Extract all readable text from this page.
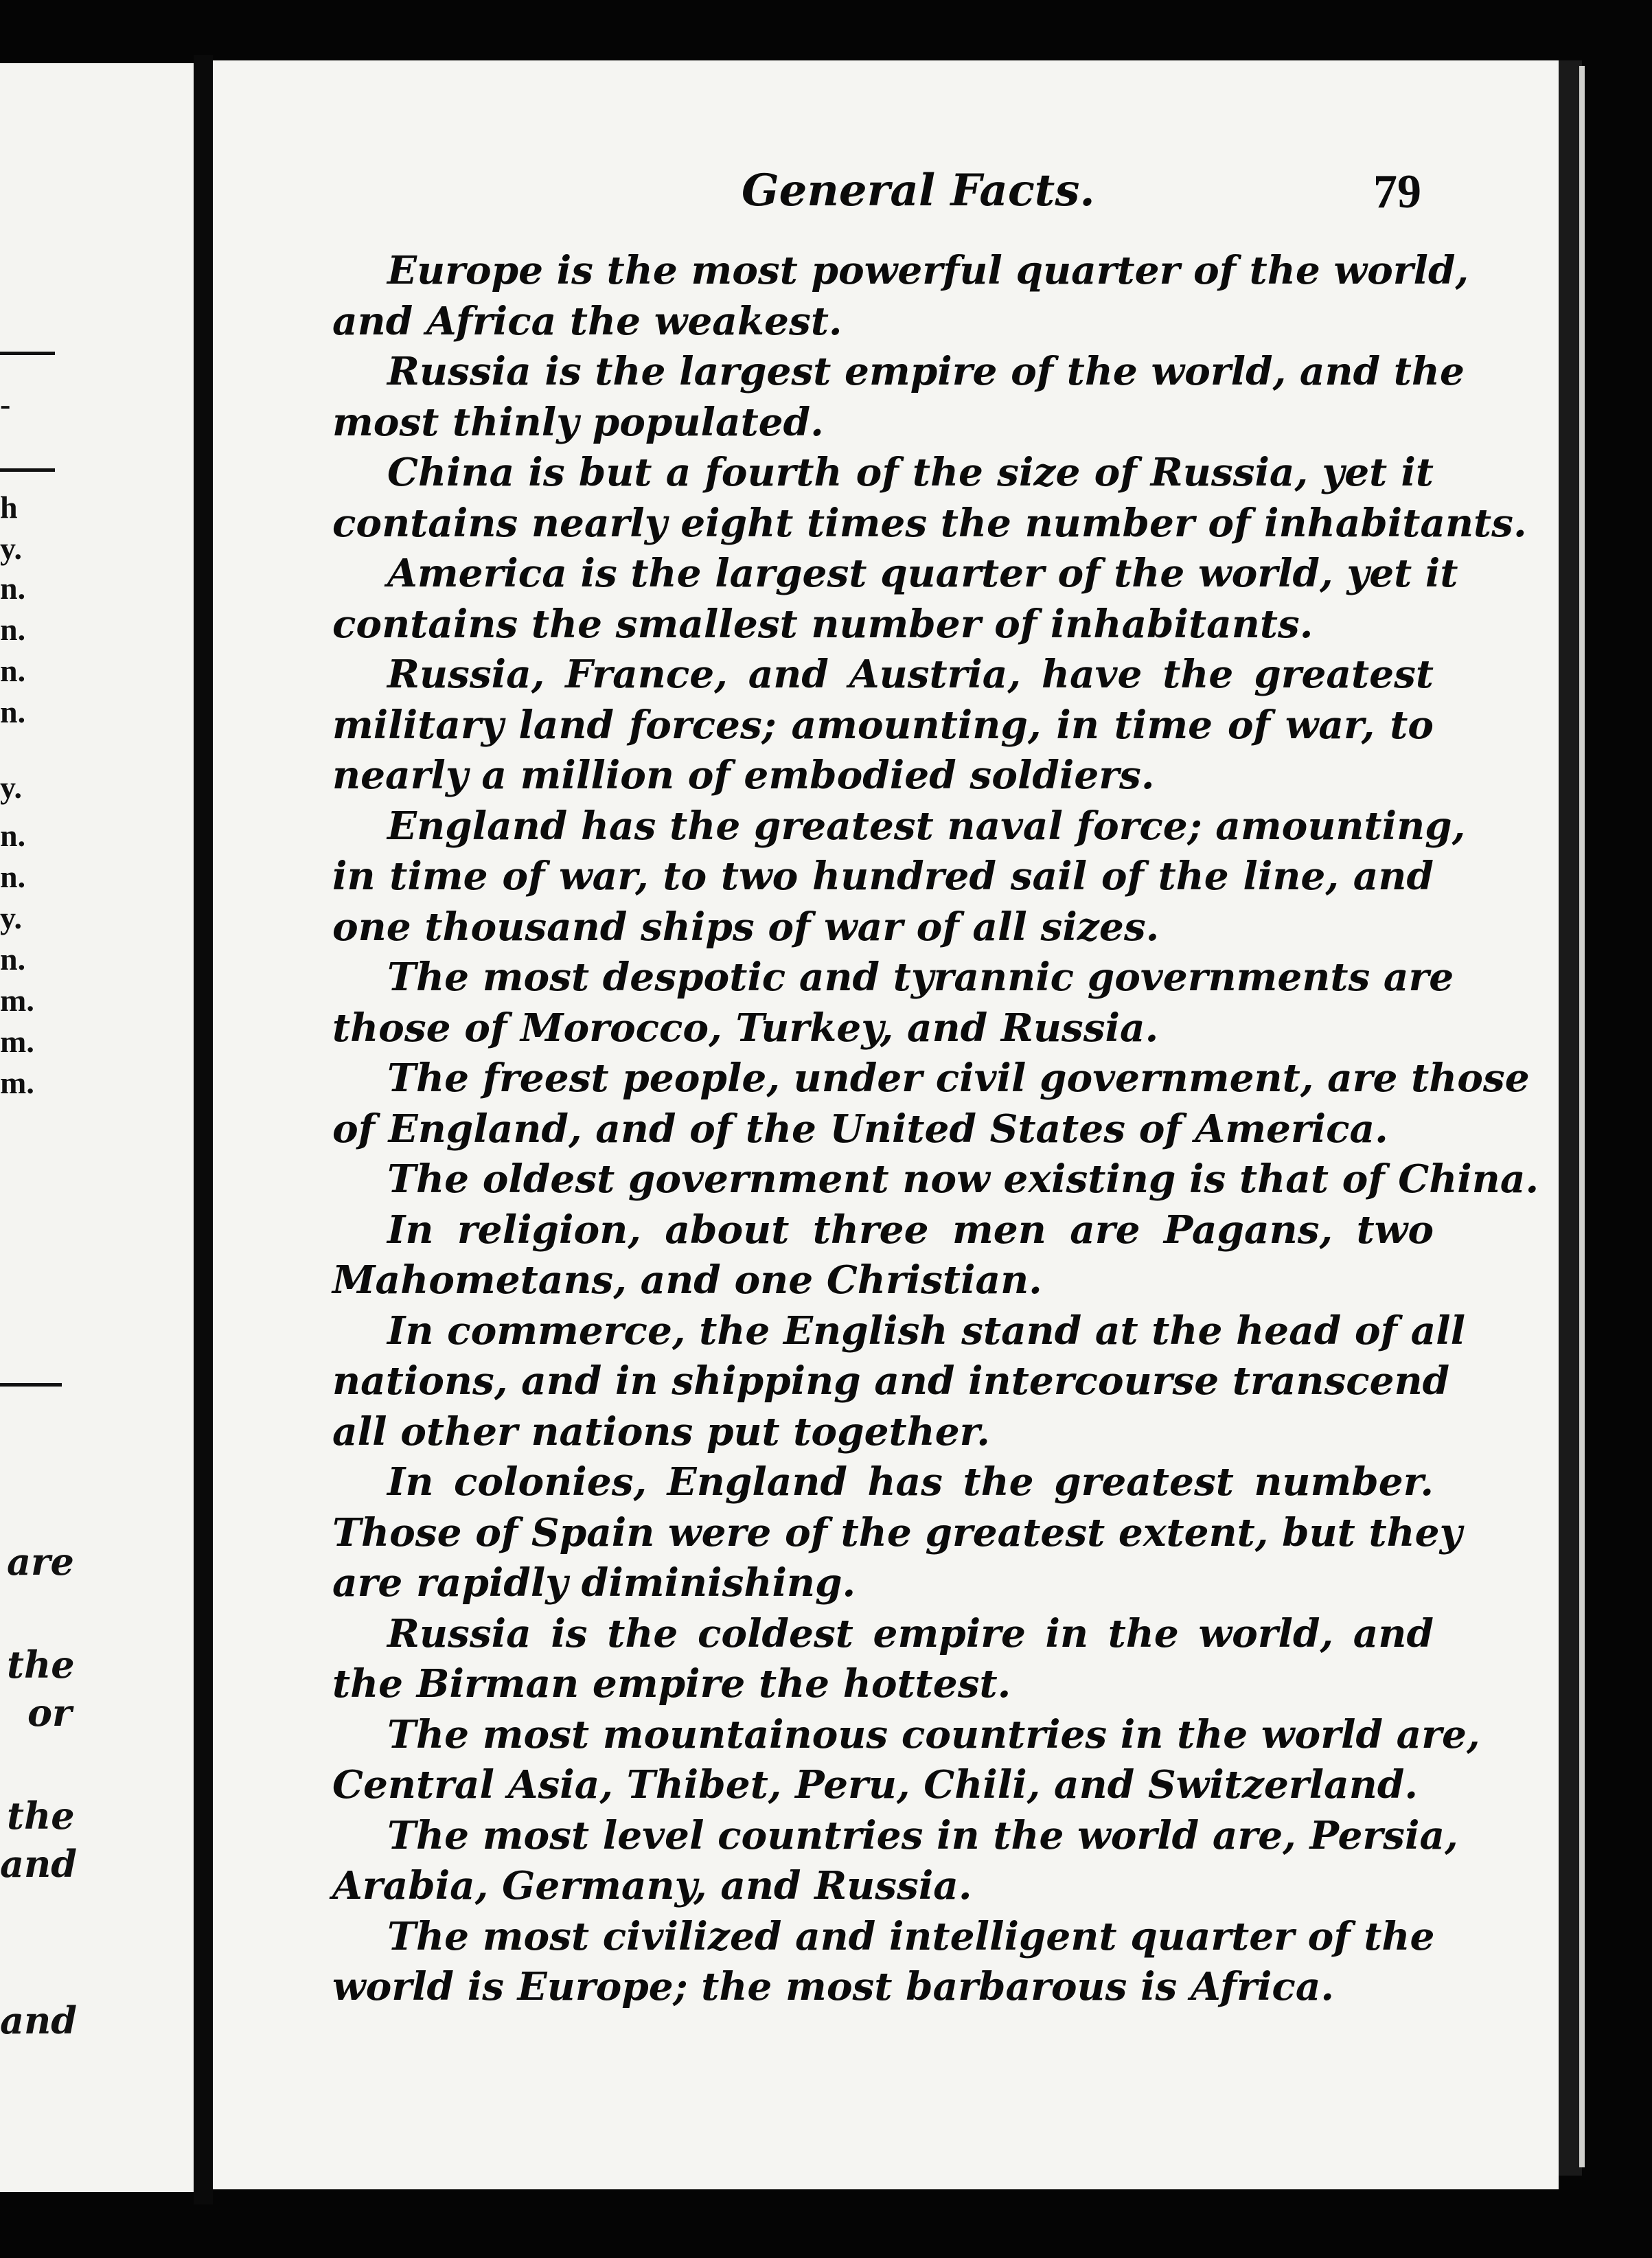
-
h
y.
n.
n.
n.
n.
y.
n.
n.
y.
n.
m.
m.
m.
are
the
or
the
and
and
General Facts.	79
Europe is the most powerful quarter of the world,
and Africa the weakest.
Russia is the largest empire of the world, and the
most thinly populated.
China is but a fourth of the size of Russia, yet it
contains nearly eight times the number of inhabitants.
America is the largest quarter of the world, yet it
contains the smallest number of inhabitants.
Russia, France, and Austria, have the greatest
military land forces; amounting, in time of war, to
nearly a million of embodied soldiers.
England has the greatest naval force; amounting,
in time of war, to two hundred sail of the line, and
one thousand ships of war of all sizes.
The most despotic and tyrannic governments are
those of Morocco, Turkey, and Russia.
The freest people, under civil government, are those
of England, and of the United States of America.
The oldest government now existing is that of China.
In religion, about three men are Pagans, two
Mahometans, and one Christian.
In commerce, the English stand at the head of all
nations, and in shipping and intercourse transcend
all other nations put together.
In colonies, England has the greatest number.
Those of Spain were of the greatest extent, but they
are rapidly diminishing.
Russia is the coldest empire in the world, and
the Birman empire the hottest.
The most mountainous countries in the world are,
Central Asia, Thibet, Peru, Chili, and Switzerland.
The most level countries in the world are, Persia,
Arabia, Germany, and Russia.
The most civilized and intelligent quarter of the
world is Europe; the most barbarous is Africa.
